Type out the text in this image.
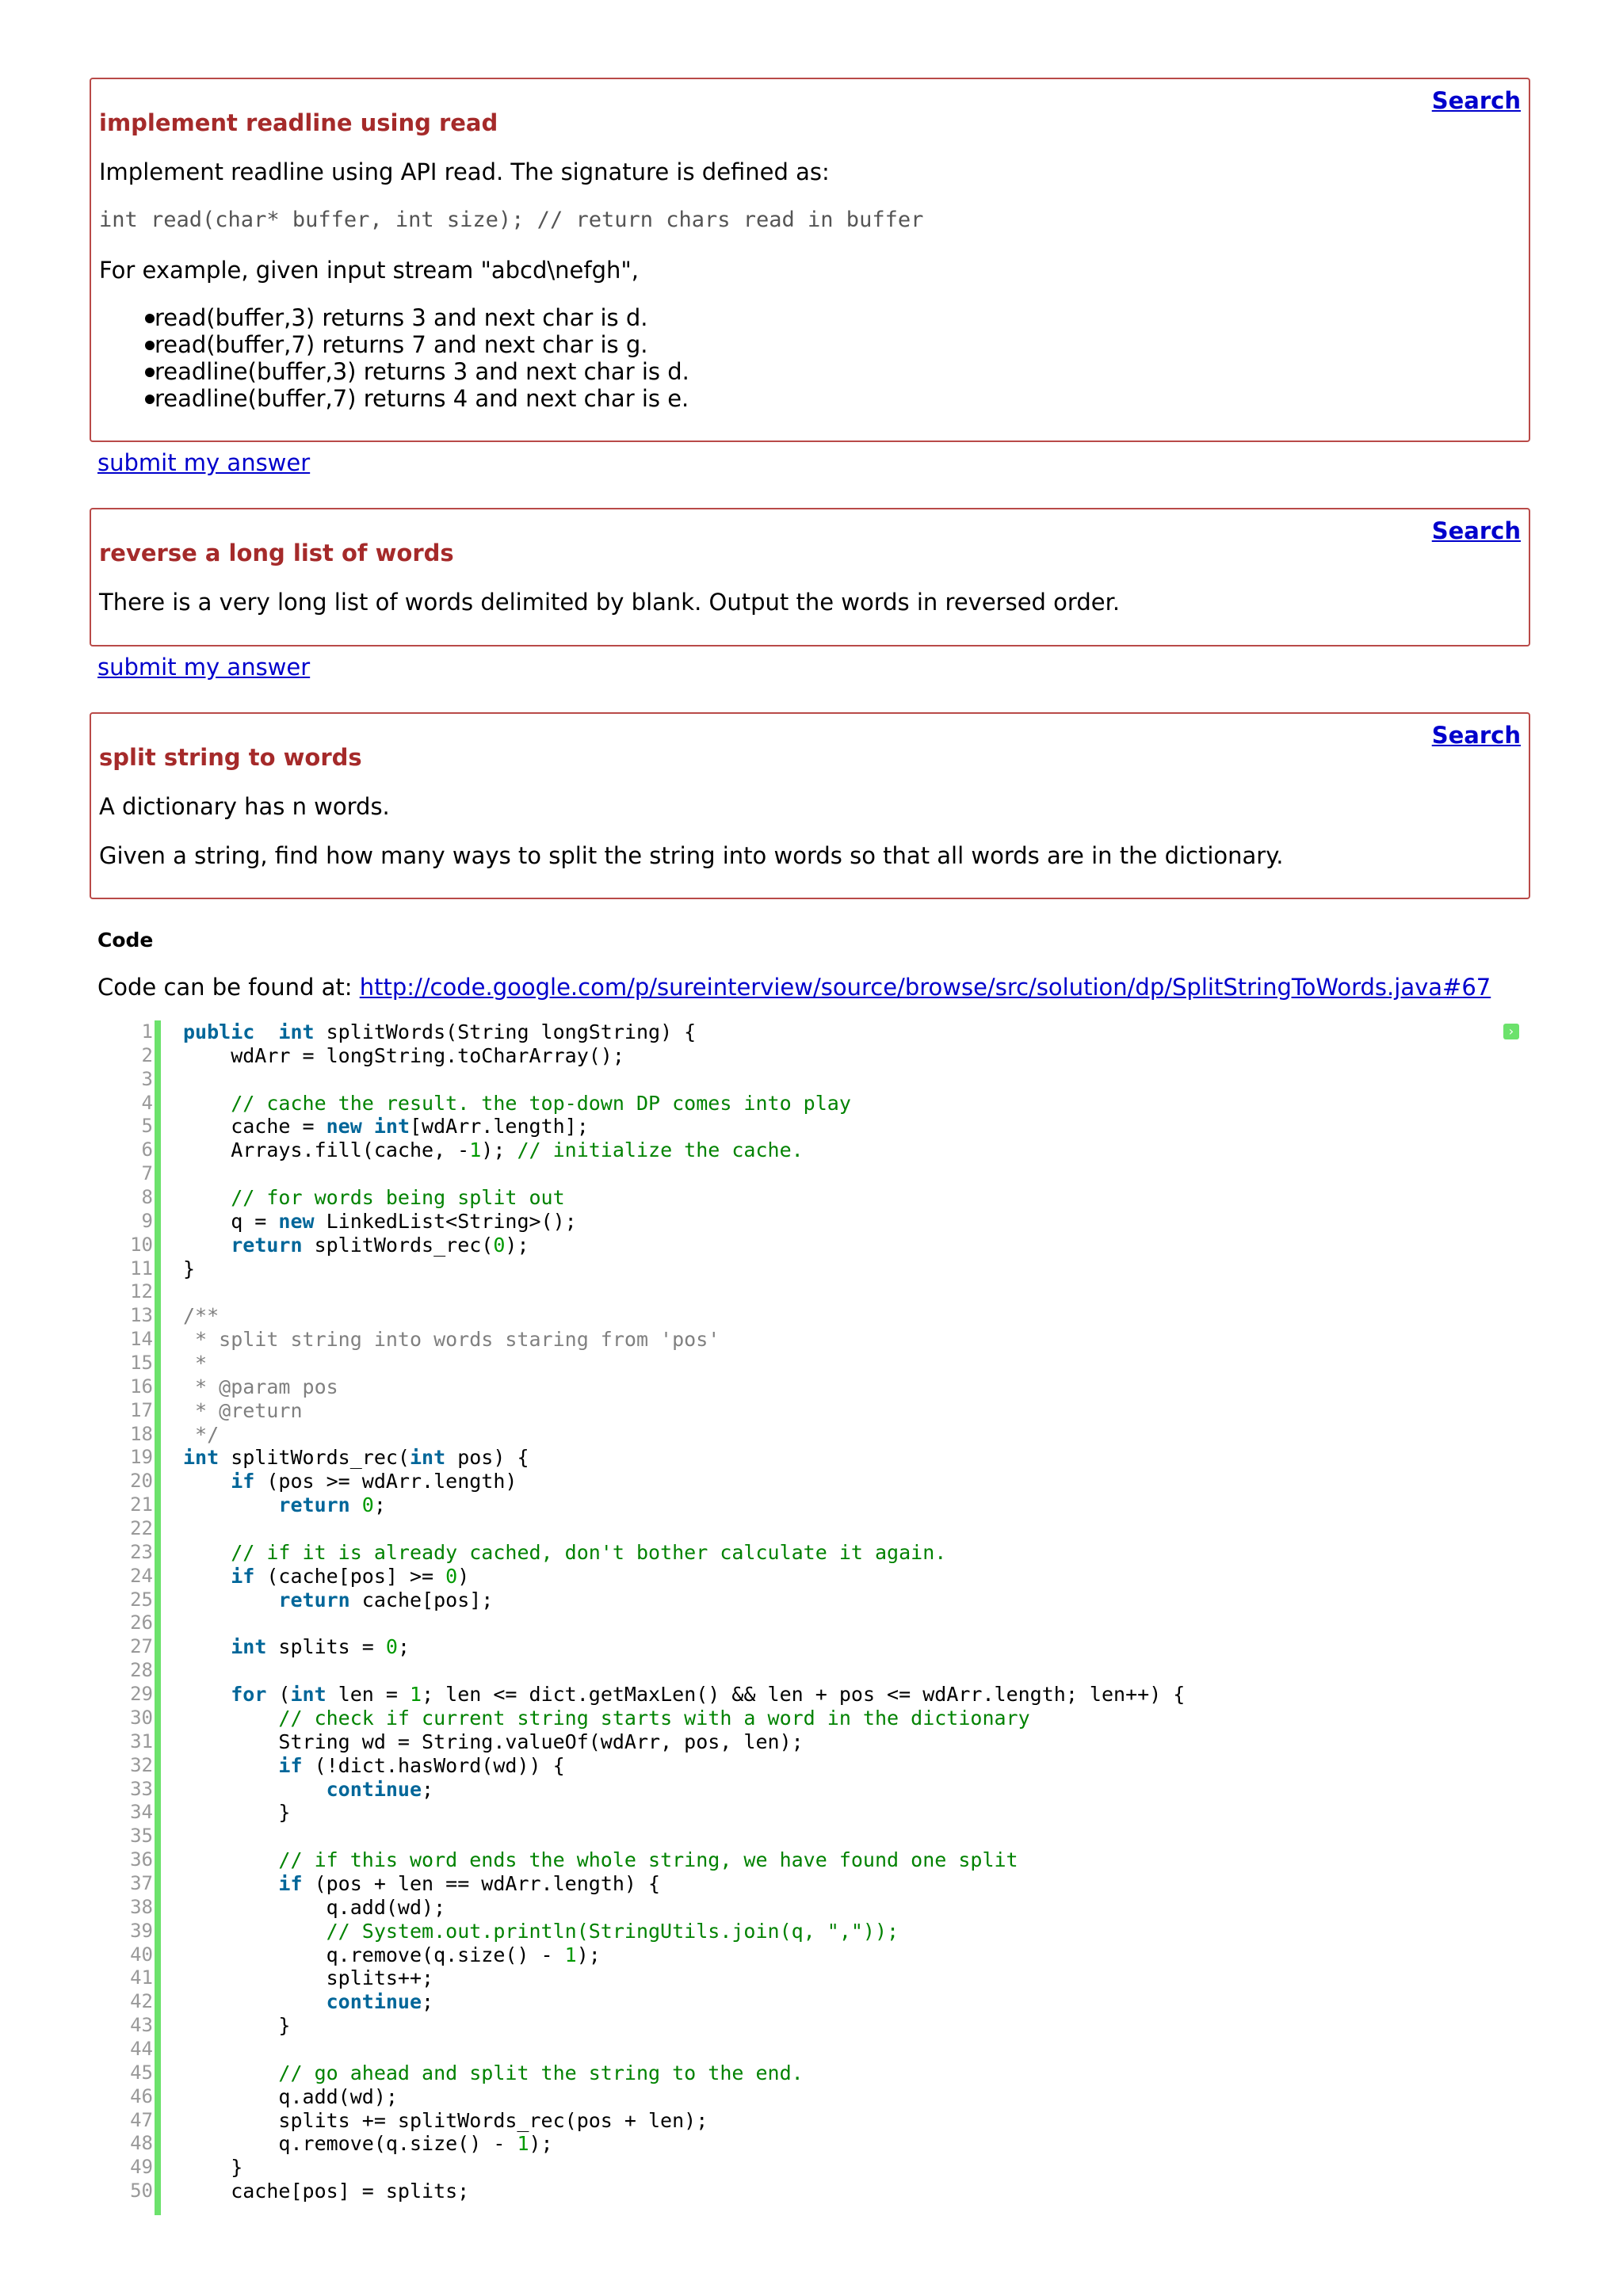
Search
implement readline using read
Implement readline using API read. The signature is defined as:
int read(char* buffer, int size); // return chars read in buffer
For example, given input stream "abcd\nefgh",
read(buffer,3) returns 3 and next char is d.
read(buffer,7) returns 7 and next char is g.
readline(buffer,3) returns 3 and next char is d.
readline(buffer,7) returns 4 and next char is e.
submit my answer
Search
reverse a long list of words
There is a very long list of words delimited by blank. Output the words in reversed order.
submit my answer
Search
split string to words
A dictionary has n words.
Given a string, find how many ways to split the string into words so that all words are in the dictionary.
Code
Code can be found at: http://code.google.com/p/sureinterview/source/browse/src/solution/dp/SplitStringToWords.java#67
1
2
3
4
5
6
7
8
9
10
11
12
13
14
15
16
17
18
19
20
21
22
23
24
25
26
27
28
29
30
31
32
33
34
35
36
37
38
39
40
41
42
43
44
45
46
47
48
49
50
public int splitWords(String longString) {
wdArr = longString.toCharArray();

// cache the result. the top-down DP comes into play
cache = new int[wdArr.length];
Arrays.fill(cache, -1); // initialize the cache.

// for words being split out
q = new LinkedList<String>();
return splitWords_rec(0);
}

/**
* split string into words staring from 'pos'
*
* @param pos
* @return
*/
int splitWords_rec(int pos) {
if (pos >= wdArr.length)
return 0;

// if it is already cached, don't bother calculate it again.
if (cache[pos] >= 0)
return cache[pos];

int splits = 0;

for (int len = 1; len <= dict.getMaxLen() && len + pos <= wdArr.length; len++) {
// check if current string starts with a word in the dictionary
String wd = String.valueOf(wdArr, pos, len);
if (!dict.hasWord(wd)) {
continue;
}

// if this word ends the whole string, we have found one split
if (pos + len == wdArr.length) {
q.add(wd);
// System.out.println(StringUtils.join(q, ","));
q.remove(q.size() - 1);
splits++;
continue;
}

// go ahead and split the string to the end.
q.add(wd);
splits += splitWords_rec(pos + len);
q.remove(q.size() - 1);
}
cache[pos] = splits;
›
